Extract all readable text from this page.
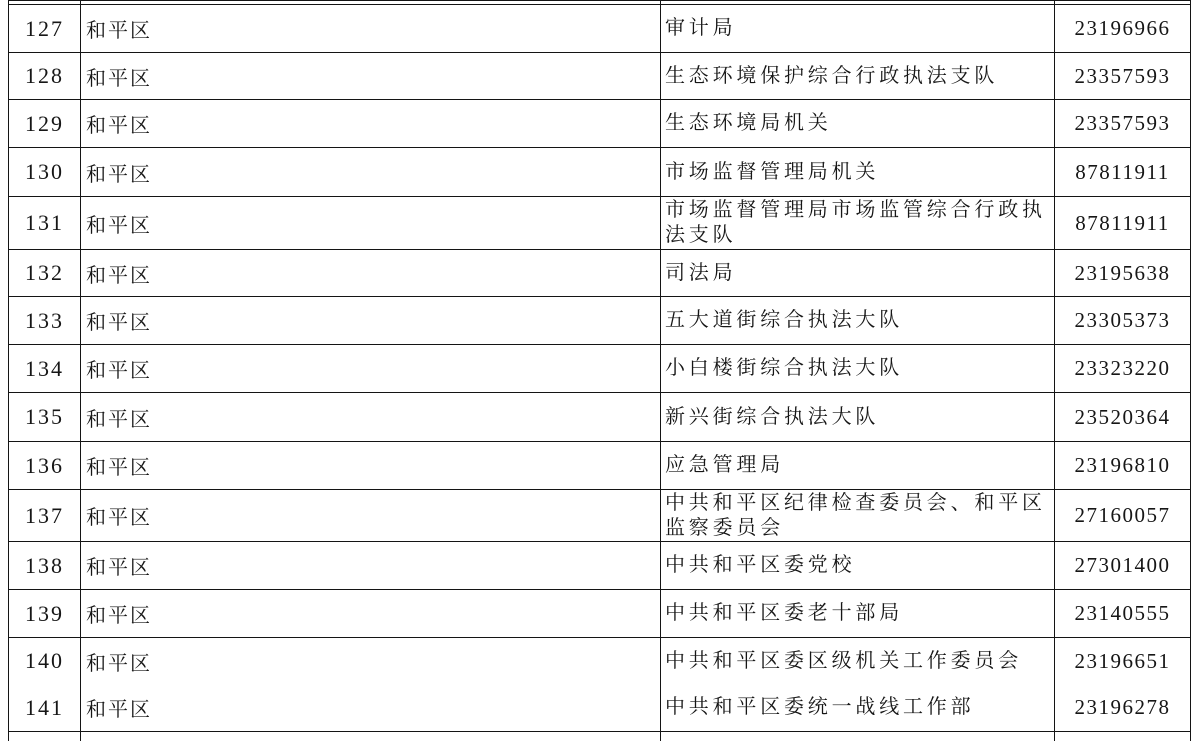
127	和平区	审计局	23196966
128	和平区	生态环境保护综合行政执法支队	23357593
129	和平区	生态环境局机关	23357593
130	和平区	市场监督管理局机关	87811911
131	和平区	市场监督管理局市场监管综合行政执法支队	87811911
132	和平区	司法局	23195638
133	和平区	五大道街综合执法大队	23305373
134	和平区	小白楼街综合执法大队	23323220
135	和平区	新兴街综合执法大队	23520364
136	和平区	应急管理局	23196810
137	和平区	中共和平区纪律检查委员会、和平区监察委员会	27160057
138	和平区	中共和平区委党校	27301400
139	和平区	中共和平区委老十部局	23140555
140	和平区	中共和平区委区级机关工作委员会	23196651
141	和平区	中共和平区委统一战线工作部	23196278
